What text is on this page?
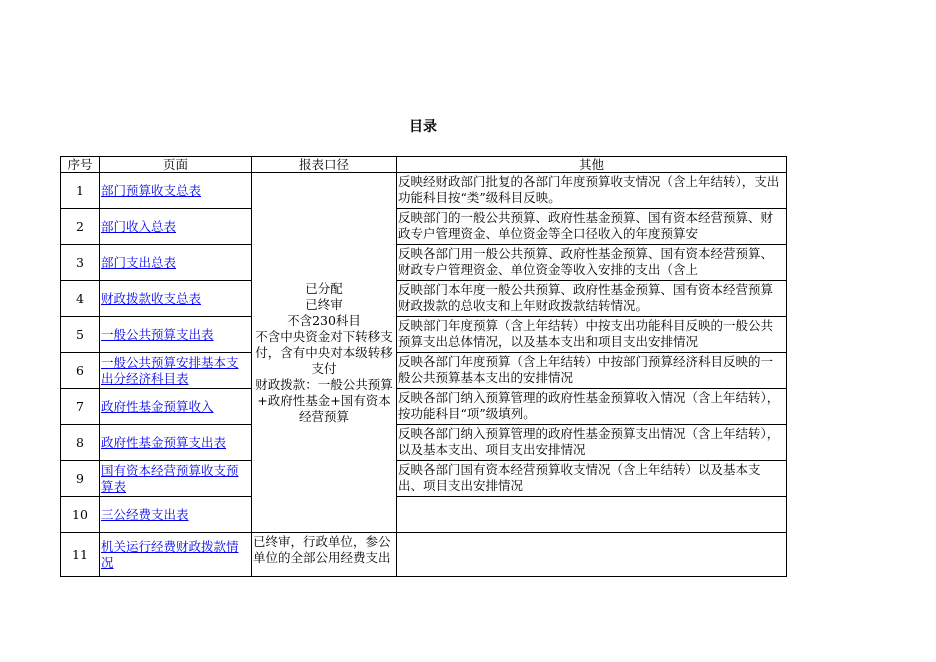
目录
序号	页面	报表口径	其他
1	部门预算收支总表	已分配
已终审
不含230科目
不含中央资金对下转移支付，含有中央对本级转移支付
财政拨款：一般公共预算+政府性基金+国有资本经营预算	反映经财政部门批复的各部门年度预算收支情况（含上年结转），支出功能科目按“类”级科目反映。

2	部门收入总表		反映部门的一般公共预算、政府性基金预算、国有资本经营预算、财政专户管理资金、单位资金等全口径收入的年度预算安

3	部门支出总表		反映各部门用一般公共预算、政府性基金预算、国有资本经营预算、财政专户管理资金、单位资金等收入安排的支出（含上

4	财政拨款收支总表		反映部门本年度一般公共预算、政府性基金预算、国有资本经营预算财政拨款的总收支和上年财政拨款结转情况。

5	一般公共预算支出表		反映部门年度预算（含上年结转）中按支出功能科目反映的一般公共预算支出总体情况，以及基本支出和项目支出安排情况

6	一般公共预算安排基本支出分经济科目表		反映各部门年度预算（含上年结转）中按部门预算经济科目反映的一般公共预算基本支出的安排情况

7	政府性基金预算收入		反映各部门纳入预算管理的政府性基金预算收入情况（含上年结转），按功能科目“项”级填列。

8	政府性基金预算支出表		反映各部门纳入预算管理的政府性基金预算支出情况（含上年结转），以及基本支出、项目支出安排情况

9	国有资本经营预算收支预算表		反映各部门国有资本经营预算收支情况（含上年结转）以及基本支出、项目支出安排情况

10	三公经费支出表		

11	机关运行经费财政拨款情况	已终审，行政单位，参公单位的全部公用经费支出	
